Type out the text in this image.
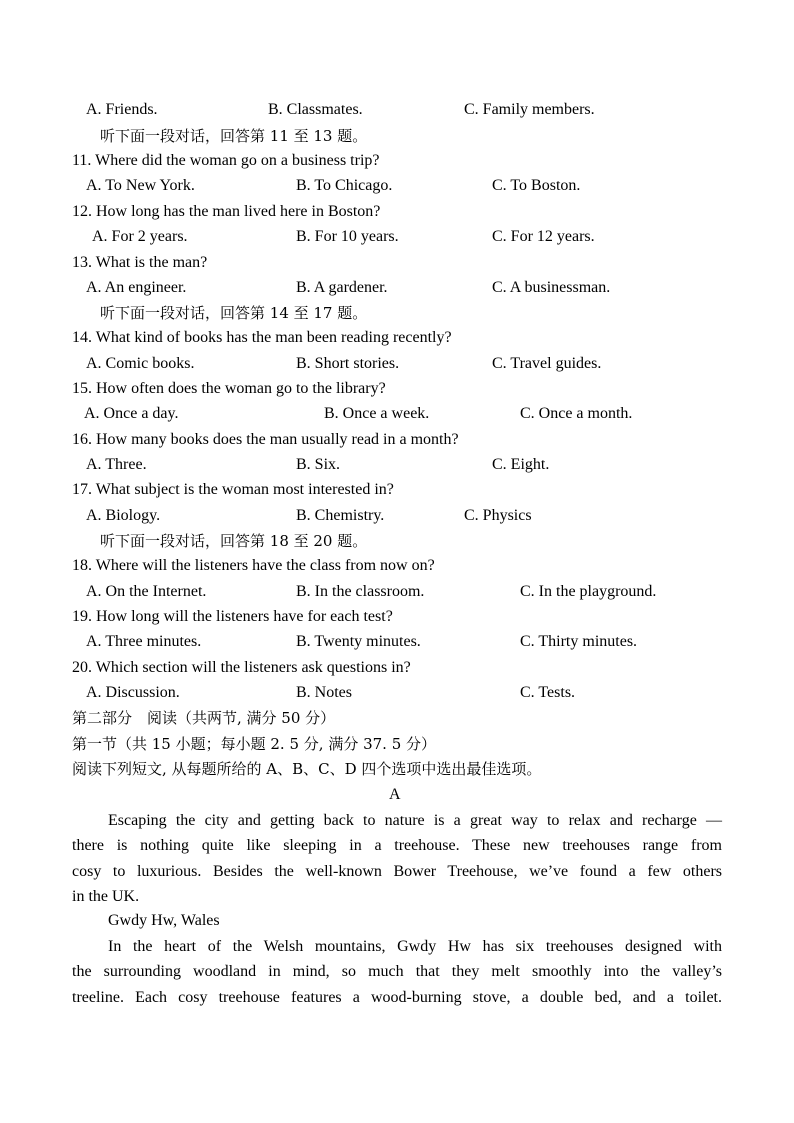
A. Friends.	B. Classmates.	C. Family members.
听下面一段对话，回答第 11 至 13 题。
11. Where did the woman go on a business trip?
A. To New York.	B. To Chicago.	C. To Boston.
12. How long has the man lived here in Boston?
A. For 2 years.	B. For 10 years.	C. For 12 years.
13. What is the man?
A. An engineer.	B. A gardener.	C. A businessman.
听下面一段对话，回答第 14 至 17 题。
14. What kind of books has the man been reading recently?
A. Comic books.	B. Short stories.	C. Travel guides.
15. How often does the woman go to the library?
A. Once a day.	B. Once a week.	C. Once a month.
16. How many books does the man usually read in a month?
A. Three.	B. Six.	C. Eight.
17. What subject is the woman most interested in?
A. Biology.	B. Chemistry.	C. Physics
听下面一段对话，回答第 18 至 20 题。
18. Where will the listeners have the class from now on?
A. On the Internet.	B. In the classroom.	C. In the playground.
19. How long will the listeners have for each test?
A. Three minutes.	B. Twenty minutes.	C. Thirty minutes.
20. Which section will the listeners ask questions in?
A. Discussion.	B. Notes	C. Tests.
第二部分　阅读（共两节, 满分 50 分）
第一节（共 15 小题；每小题 2. 5 分, 满分 37. 5 分）
阅读下列短文, 从每题所给的 A、B、C、D 四个选项中选出最佳选项。
A
Escaping the city and getting back to nature is a great way to relax and recharge —
there is nothing quite like sleeping in a treehouse. These new treehouses range from
cosy to luxurious. Besides the well-known Bower Treehouse, we’ve found a few others
in the UK.
Gwdy Hw, Wales
In the heart of the Welsh mountains, Gwdy Hw has six treehouses designed with
the surrounding woodland in mind, so much that they melt smoothly into the valley’s
treeline. Each cosy treehouse features a wood-burning stove, a double bed, and a toilet.
